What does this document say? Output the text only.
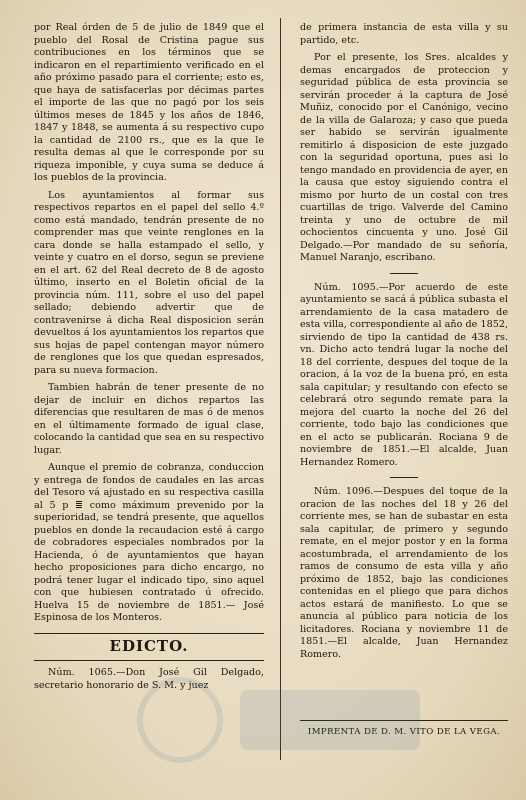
por Real órden de 5 de julio de 1849 que el pueblo del Rosal de Cristina pague sus contribuciones en los términos que se indicaron en el repartimiento verificado en el año próximo pasado para el corriente; esto es, que haya de satisfacerlas por décimas partes el importe de las que no pagó por los seis últimos meses de 1845 y los años de 1846, 1847 y 1848, se aumenta á su respectivo cupo la cantidad de 2100 rs., que es la que le resulta demas al que le corresponde por su riqueza imponible, y cuya suma se deduce á los pueblos de la provincia.

Los ayuntamientos al formar sus respectivos repartos en el papel del sello 4.º como está mandado, tendrán presente de no comprender mas que veinte renglones en la cara donde se halla estampado el sello, y veinte y cuatro en el dorso, segun se previene en el art. 62 del Real decreto de 8 de agosto último, inserto en el Boletin oficial de la provincia núm. 111, sobre el uso del papel sellado; debiendo advertir que de contravenirse á dicha Real disposicion serán devueltos á los ayuntamientos los repartos que sus hojas de papel contengan mayor número de renglones que los que quedan espresados, para su nueva formacion.

Tambien habrán de tener presente de no dejar de incluir en dichos repartos las diferencias que resultaren de mas ó de menos en el últimamente formado de igual clase, colocando la cantidad que sea en su respectivo lugar.

Aunque el premio de cobranza, conduccion y entrega de fondos de caudales en las arcas del Tesoro vá ajustado en su respectiva casilla al 5 p ≣ como máximum prevenido por la superioridad, se tendrá presente, que aquellos pueblos en donde la recaudacion esté á cargo de cobradores especiales nombrados por la Hacienda, ó de ayuntamientos que hayan hecho proposiciones para dicho encargo, no podrá tener lugar el indicado tipo, sino aquel con que hubiesen contratado ú ofrecido. Huelva 15 de noviembre de 1851.— José Espinosa de los Monteros.

EDICTO.

Núm. 1065.—Don José Gil Delgado, secretario honorario de S. M. y juez

de primera instancia de esta villa y su partido, etc.

Por el presente, los Sres. alcaldes y demas encargados de proteccion y seguridad pública de esta provincia se servirán proceder á la captura de José Muñiz, conocido por el Canónigo, vecino de la villa de Galaroza; y caso que pueda ser habido se servirán igualmente remitirlo á disposicion de este juzgado con la seguridad oportuna, pues asi lo tengo mandado en providencia de ayer, en la causa que estoy siguiendo contra el mismo por hurto de un costal con tres cuartillas de trigo. Valverde del Camino treinta y uno de octubre de mil ochocientos cincuenta y uno. José Gil Delgado.—Por mandado de su señoría, Manuel Naranjo, escribano.

Núm. 1095.—Por acuerdo de este ayuntamiento se sacá á pública subasta el arrendamiento de la casa matadero de esta villa, correspondiente al año de 1852, sirviendo de tipo la cantidad de 438 rs. vn. Dicho acto tendrá lugar la noche del 18 del corriente, despues del toque de la oracion, á la voz de la buena pró, en esta sala capitular; y resultando con efecto se celebrará otro segundo remate para la mejora del cuarto la noche del 26 del corriente, todo bajo las condiciones que en el acto se publicarán. Rociana 9 de noviembre de 1851.—El alcalde, Juan Hernandez Romero.

Núm. 1096.—Despues del toque de la oracion de las noches del 18 y 26 del corriente mes, se han de subastar en esta sala capitular, de primero y segundo remate, en el mejor postor y en la forma acostumbrada, el arrendamiento de los ramos de consumo de esta villa y año próximo de 1852, bajo las condiciones contenidas en el pliego que para dichos actos estará de manifiesto. Lo que se anuncia al público para noticia de los licitadores. Rociana y noviembre 11 de 1851.—El alcalde, Juan Hernandez Romero.

IMPRENTA DE D. M. VITO DE LA VEGA.
